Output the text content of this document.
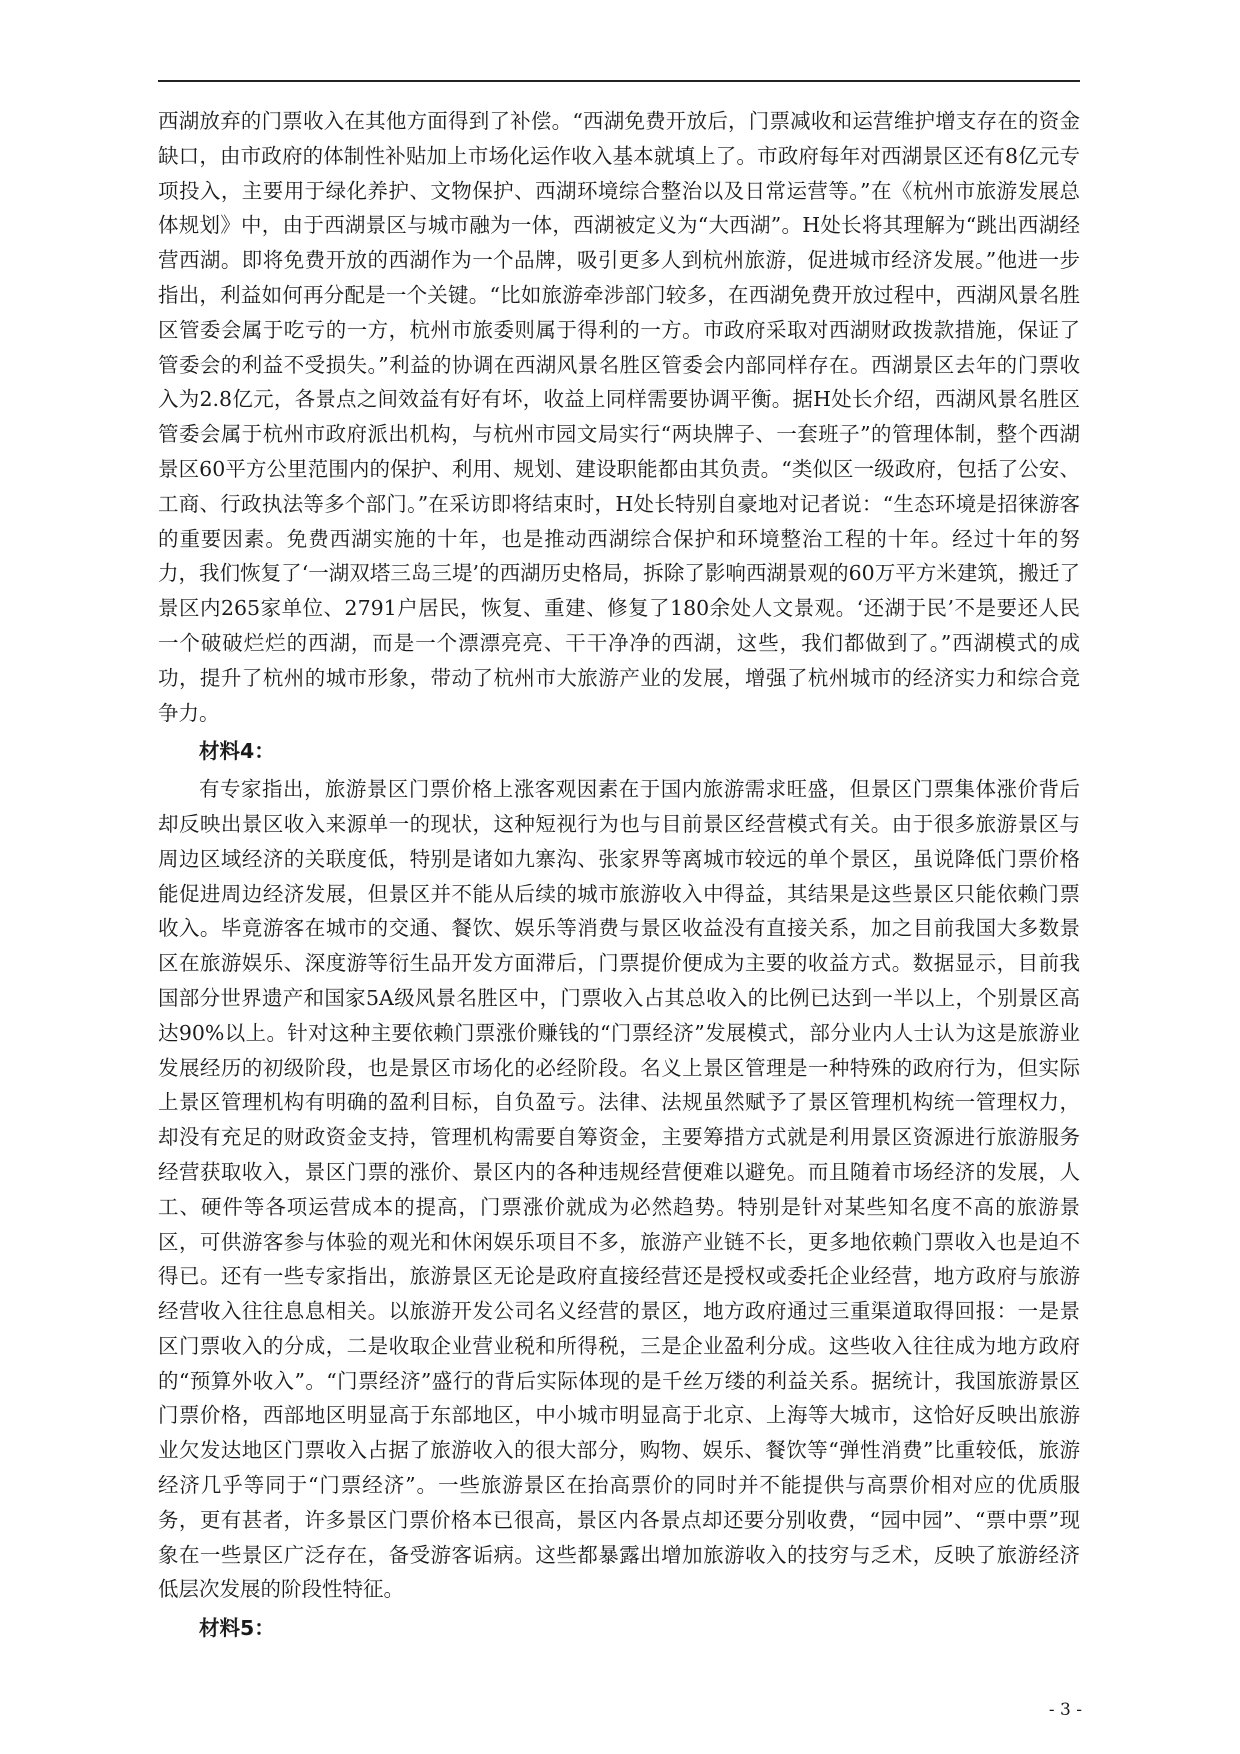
西湖放弃的门票收入在其他方面得到了补偿。“西湖免费开放后，门票减收和运营维护增支存在的资金缺口，由市政府的体制性补贴加上市场化运作收入基本就填上了。市政府每年对西湖景区还有8亿元专项投入，主要用于绿化养护、文物保护、西湖环境综合整治以及日常运营等。”在《杭州市旅游发展总体规划》中，由于西湖景区与城市融为一体，西湖被定义为“大西湖”。H处长将其理解为“跳出西湖经营西湖。即将免费开放的西湖作为一个品牌，吸引更多人到杭州旅游，促进城市经济发展。”他进一步指出，利益如何再分配是一个关键。“比如旅游牵涉部门较多，在西湖免费开放过程中，西湖风景名胜区管委会属于吃亏的一方，杭州市旅委则属于得利的一方。市政府采取对西湖财政拨款措施，保证了管委会的利益不受损失。”利益的协调在西湖风景名胜区管委会内部同样存在。西湖景区去年的门票收入为2.8亿元，各景点之间效益有好有坏，收益上同样需要协调平衡。据H处长介绍，西湖风景名胜区管委会属于杭州市政府派出机构，与杭州市园文局实行“两块牌子、一套班子”的管理体制，整个西湖景区60平方公里范围内的保护、利用、规划、建设职能都由其负责。“类似区一级政府，包括了公安、工商、行政执法等多个部门。”在采访即将结束时，H处长特别自豪地对记者说：“生态环境是招徕游客的重要因素。免费西湖实施的十年，也是推动西湖综合保护和环境整治工程的十年。经过十年的努力，我们恢复了‘一湖双塔三岛三堤’的西湖历史格局，拆除了影响西湖景观的60万平方米建筑，搬迁了景区内265家单位、2791户居民，恢复、重建、修复了180余处人文景观。‘还湖于民’不是要还人民一个破破烂烂的西湖，而是一个漂漂亮亮、干干净净的西湖，这些，我们都做到了。”西湖模式的成功，提升了杭州的城市形象，带动了杭州市大旅游产业的发展，增强了杭州城市的经济实力和综合竞争力。

材料4：

有专家指出，旅游景区门票价格上涨客观因素在于国内旅游需求旺盛，但景区门票集体涨价背后却反映出景区收入来源单一的现状，这种短视行为也与目前景区经营模式有关。由于很多旅游景区与周边区域经济的关联度低，特别是诸如九寨沟、张家界等离城市较远的单个景区，虽说降低门票价格能促进周边经济发展，但景区并不能从后续的城市旅游收入中得益，其结果是这些景区只能依赖门票收入。毕竟游客在城市的交通、餐饮、娱乐等消费与景区收益没有直接关系，加之目前我国大多数景区在旅游娱乐、深度游等衍生品开发方面滞后，门票提价便成为主要的收益方式。数据显示，目前我国部分世界遗产和国家5A级风景名胜区中，门票收入占其总收入的比例已达到一半以上，个别景区高达90%以上。针对这种主要依赖门票涨价赚钱的“门票经济”发展模式，部分业内人士认为这是旅游业发展经历的初级阶段，也是景区市场化的必经阶段。名义上景区管理是一种特殊的政府行为，但实际上景区管理机构有明确的盈利目标，自负盈亏。法律、法规虽然赋予了景区管理机构统一管理权力，却没有充足的财政资金支持，管理机构需要自筹资金，主要筹措方式就是利用景区资源进行旅游服务经营获取收入，景区门票的涨价、景区内的各种违规经营便难以避免。而且随着市场经济的发展，人工、硬件等各项运营成本的提高，门票涨价就成为必然趋势。特别是针对某些知名度不高的旅游景区，可供游客参与体验的观光和休闲娱乐项目不多，旅游产业链不长，更多地依赖门票收入也是迫不得已。还有一些专家指出，旅游景区无论是政府直接经营还是授权或委托企业经营，地方政府与旅游经营收入往往息息相关。以旅游开发公司名义经营的景区，地方政府通过三重渠道取得回报：一是景区门票收入的分成，二是收取企业营业税和所得税，三是企业盈利分成。这些收入往往成为地方政府的“预算外收入”。“门票经济”盛行的背后实际体现的是千丝万缕的利益关系。据统计，我国旅游景区门票价格，西部地区明显高于东部地区，中小城市明显高于北京、上海等大城市，这恰好反映出旅游业欠发达地区门票收入占据了旅游收入的很大部分，购物、娱乐、餐饮等“弹性消费”比重较低，旅游经济几乎等同于“门票经济”。一些旅游景区在抬高票价的同时并不能提供与高票价相对应的优质服务，更有甚者，许多景区门票价格本已很高，景区内各景点却还要分别收费，“园中园”、“票中票”现象在一些景区广泛存在，备受游客诟病。这些都暴露出增加旅游收入的技穷与乏术，反映了旅游经济低层次发展的阶段性特征。

材料5：
- 3 -
